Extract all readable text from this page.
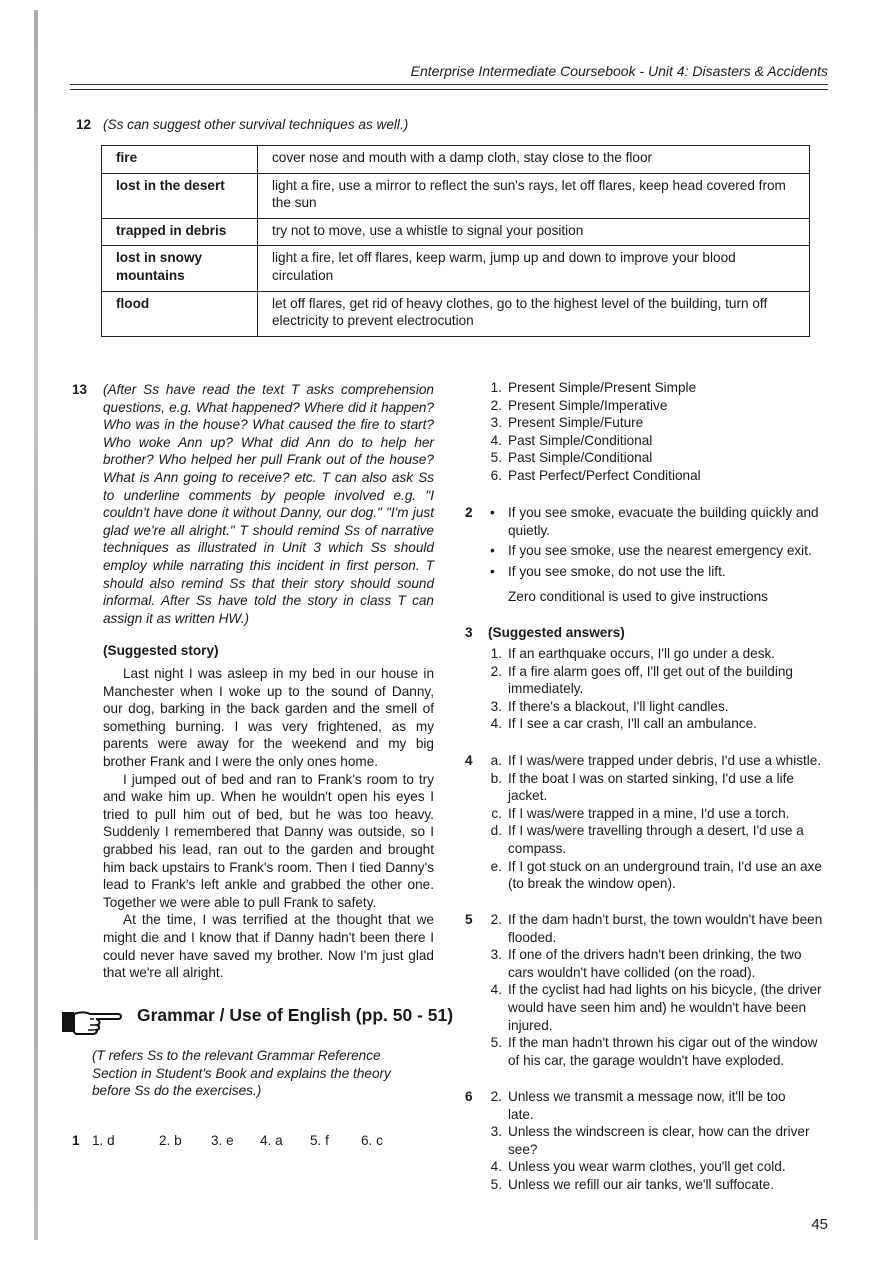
Enterprise Intermediate Coursebook - Unit 4: Disasters & Accidents
12 (Ss can suggest other survival techniques as well.)
fire	cover nose and mouth with a damp cloth, stay close to the floor
lost in the desert	light a fire, use a mirror to reflect the sun's rays, let off flares, keep head covered from the sun
trapped in debris	try not to move, use a whistle to signal your position
lost in snowy mountains	light a fire, let off flares, keep warm, jump up and down to improve your blood circulation
flood	let off flares, get rid of heavy clothes, go to the highest level of the building, turn off electricity to prevent electrocution
13 (After Ss have read the text T asks comprehension questions, e.g. What happened? Where did it happen? Who was in the house? What caused the fire to start? Who woke Ann up? What did Ann do to help her brother? Who helped her pull Frank out of the house? What is Ann going to receive? etc. T can also ask Ss to underline comments by people involved e.g. "I couldn't have done it without Danny, our dog." "I'm just glad we're all alright." T should remind Ss of narrative techniques as illustrated in Unit 3 which Ss should employ while narrating this incident in first person. T should also remind Ss that their story should sound informal. After Ss have told the story in class T can assign it as written HW.)
(Suggested story)

Last night I was asleep in my bed in our house in Manchester when I woke up to the sound of Danny, our dog, barking in the back garden and the smell of something burning. I was very frightened, as my parents were away for the weekend and my big brother Frank and I were the only ones home.

I jumped out of bed and ran to Frank's room to try and wake him up. When he wouldn't open his eyes I tried to pull him out of bed, but he was too heavy. Suddenly I remembered that Danny was outside, so I grabbed his lead, ran out to the garden and brought him back upstairs to Frank's room. Then I tied Danny's lead to Frank's left ankle and grabbed the other one. Together we were able to pull Frank to safety.

At the time, I was terrified at the thought that we might die and I know that if Danny hadn't been there I could never have saved my brother. Now I'm just glad that we're all alright.

Grammar / Use of English (pp. 50 - 51)
(T refers Ss to the relevant Grammar Reference Section in Student's Book and explains the theory before Ss do the exercises.)
1 1. d	2. b 3. e 4. a 5. f 6. c
1. Present Simple/Present Simple
2. Present Simple/Imperative
3. Present Simple/Future
4. Past Simple/Conditional
5. Past Simple/Conditional
6. Past Perfect/Perfect Conditional
2	• If you see smoke, evacuate the building quickly and quietly.
• If you see smoke, use the nearest emergency exit.
• If you see smoke, do not use the lift.
Zero conditional is used to give instructions
3 (Suggested answers)
1. If an earthquake occurs, I'll go under a desk.
2. If a fire alarm goes off, I'll get out of the building immediately.
3. If there's a blackout, I'll light candles.
4. If I see a car crash, I'll call an ambulance.
4	a. If I was/were trapped under debris, I'd use a whistle.
b. If the boat I was on started sinking, I'd use a life jacket.
c. If I was/were trapped in a mine, I'd use a torch.
d. If I was/were travelling through a desert, I'd use a compass.
e. If I got stuck on an underground train, I'd use an axe (to break the window open).
5	2. If the dam hadn't burst, the town wouldn't have been flooded.
3. If one of the drivers hadn't been drinking, the two cars wouldn't have collided (on the road).
4. If the cyclist had had lights on his bicycle, (the driver would have seen him and) he wouldn't have been injured.
5. If the man hadn't thrown his cigar out of the window of his car, the garage wouldn't have exploded.
6	2. Unless we transmit a message now, it'll be too late.
3. Unless the windscreen is clear, how can the driver see?
4. Unless you wear warm clothes, you'll get cold.
5. Unless we refill our air tanks, we'll suffocate.
45
